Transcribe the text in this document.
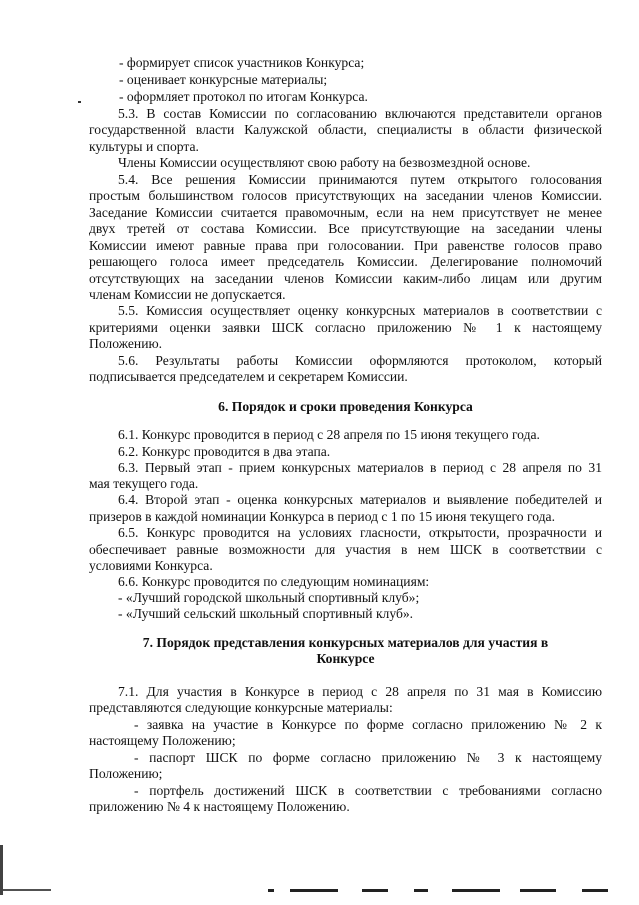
- формирует список участников Конкурса;
- оценивает конкурсные материалы;
- оформляет протокол по итогам Конкурса.
5.3. В состав Комиссии по согласованию включаются представители органов
государственной власти Калужской области, специалисты в области физической
культуры и спорта.
Члены Комиссии осуществляют свою работу на безвозмездной основе.
5.4. Все решения Комиссии принимаются путем открытого голосования
простым большинством голосов присутствующих на заседании членов Комиссии.
Заседание Комиссии считается правомочным, если на нем присутствует не менее
двух третей от состава Комиссии. Все присутствующие на заседании члены
Комиссии имеют равные права при голосовании. При равенстве голосов право
решающего голоса имеет председатель Комиссии. Делегирование полномочий
отсутствующих на заседании членов Комиссии каким-либо лицам или другим
членам Комиссии не допускается.
5.5. Комиссия осуществляет оценку конкурсных материалов в соответствии с
критериями оценки заявки ШСК согласно приложению № 1 к настоящему
Положению.
5.6. Результаты работы Комиссии оформляются протоколом, который
подписывается председателем и секретарем Комиссии.
6. Порядок и сроки проведения Конкурса
6.1. Конкурс проводится в период с 28 апреля по 15 июня текущего года.
6.2. Конкурс проводится в два этапа.
6.3. Первый этап - прием конкурсных материалов в период с 28 апреля по 31
мая текущего года.
6.4. Второй этап - оценка конкурсных материалов и выявление победителей и
призеров в каждой номинации Конкурса в период с 1 по 15 июня текущего года.
6.5. Конкурс проводится на условиях гласности, открытости, прозрачности и
обеспечивает равные возможности для участия в нем ШСК в соответствии с
условиями Конкурса.
6.6. Конкурс проводится по следующим номинациям:
- «Лучший городской школьный спортивный клуб»;
- «Лучший сельский школьный спортивный клуб».
7. Порядок представления конкурсных материалов для участия в
Конкурсе
7.1. Для участия в Конкурсе в период с 28 апреля по 31 мая в Комиссию
представляются следующие конкурсные материалы:
- заявка на участие в Конкурсе по форме согласно приложению № 2 к
настоящему Положению;
- паспорт ШСК по форме согласно приложению № 3 к настоящему
Положению;
- портфель достижений ШСК в соответствии с требованиями согласно
приложению № 4 к настоящему Положению.
